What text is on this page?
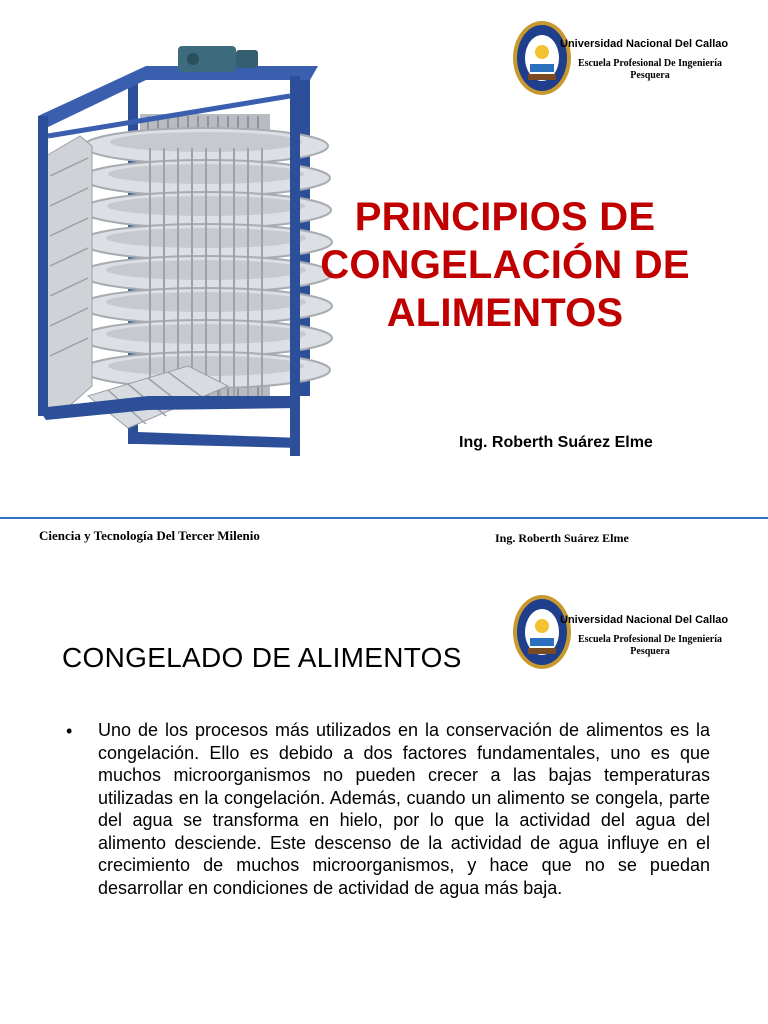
Universidad Nacional Del Callao
Escuela Profesional De Ingeniería
Pesquera
PRINCIPIOS DE
CONGELACIÓN DE
ALIMENTOS
Ing. Roberth Suárez Elme
Ciencia y Tecnología Del Tercer Milenio	Ing. Roberth Suárez Elme
Universidad Nacional Del Callao
Escuela Profesional De Ingeniería
Pesquera
CONGELADO DE ALIMENTOS
• Uno de los procesos más utilizados en la conservación de alimentos es la congelación. Ello es debido a dos factores fundamentales, uno es que muchos microorganismos no pueden crecer a las bajas temperaturas utilizadas en la congelación. Además, cuando un alimento se congela, parte del agua se transforma en hielo, por lo que la actividad del agua del alimento desciende. Este descenso de la actividad de agua influye en el crecimiento de muchos microorganismos, y hace que no se puedan desarrollar en condiciones de actividad de agua más baja.
